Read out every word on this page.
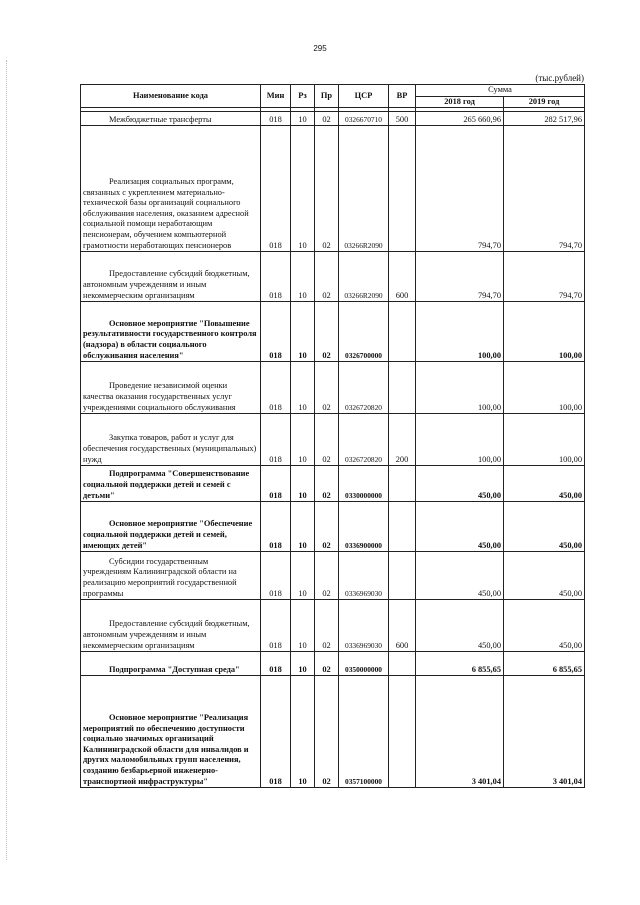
295
(тыс.рублей)
Наименование кода	Мин	Рз	Пр	ЦСР	ВР	Сумма	
						2018 год	2019 год

Межбюджетные трансферты	018	10	02	0326670710	500	265 660,96	282 517,96

Реализация социальных программ, связанных с укреплением материально-технической базы организаций социального обслуживания населения, оказанием адресной социальной помощи неработающим пенсионерам, обучением компьютерной грамотности неработающих пенсионеров	018	10	02	03266R2090		794,70	794,70

Предоставление субсидий бюджетным, автономным учреждениям и иным некоммерческим организациям	018	10	02	03266R2090	600	794,70	794,70

Основное мероприятие "Повышение результативности государственного контроля (надзора) в области социального обслуживания населения"	018	10	02	0326700000		100,00	100,00

Проведение независимой оценки качества оказания государственных услуг учреждениями социального обслуживания	018	10	02	0326720820		100,00	100,00

Закупка товаров, работ и услуг для обеспечения государственных (муниципальных) нужд	018	10	02	0326720820	200	100,00	100,00

Подпрограмма "Совершенствование социальной поддержки детей и семей с детьми"	018	10	02	0330000000		450,00	450,00

Основное мероприятие "Обеспечение социальной поддержки детей и семей, имеющих детей"	018	10	02	0336900000		450,00	450,00

Субсидии государственным учреждениям Калининградской области на реализацию мероприятий государственной программы	018	10	02	0336969030		450,00	450,00

Предоставление субсидий бюджетным, автономным учреждениям и иным некоммерческим организациям	018	10	02	0336969030	600	450,00	450,00

Подпрограмма "Доступная среда"	018	10	02	0350000000		6 855,65	6 855,65

Основное мероприятие "Реализация мероприятий по обеспечению доступности социально значимых организаций Калининградской области для инвалидов и других маломобильных групп населения, созданию безбарьерной инженерно-транспортной инфраструктуры"	018	10	02	0357100000		3 401,04	3 401,04
